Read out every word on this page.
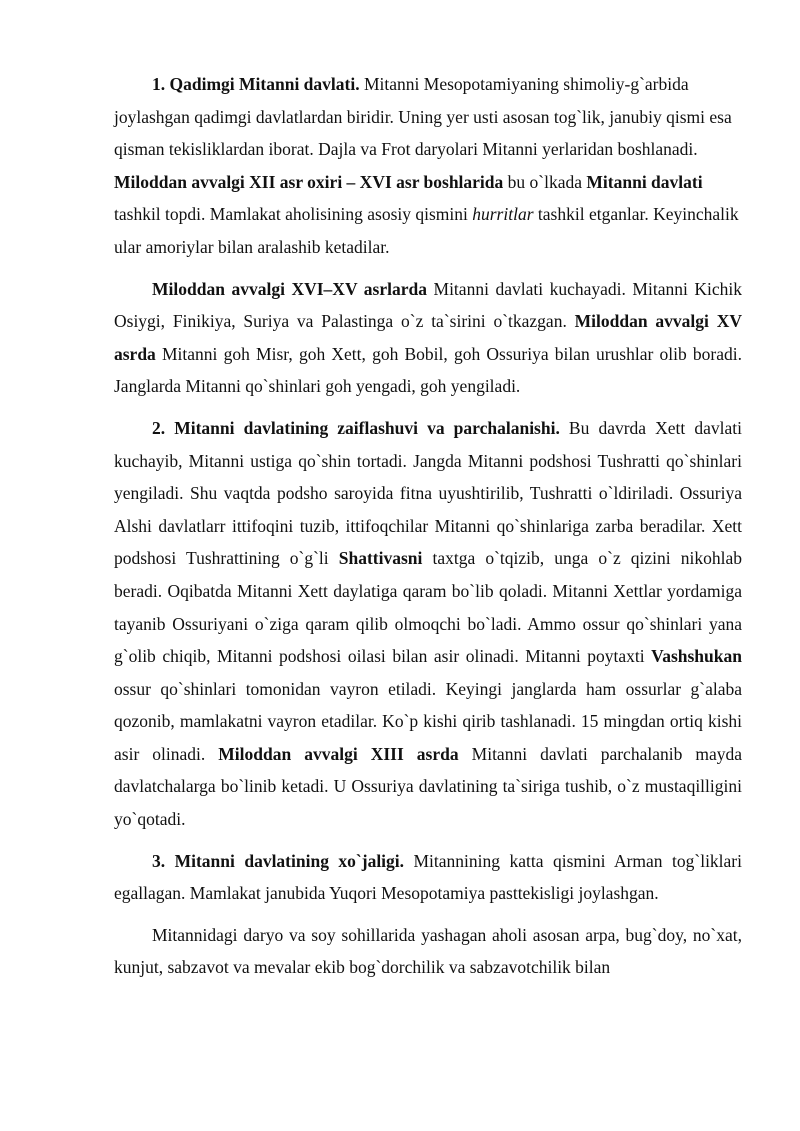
1. Qadimgi Mitanni davlati. Mitanni Mesopotamiyaning shimoliy-g`arbida joylashgan qadimgi davlatlardan biridir. Uning yer usti asosan tog`lik, janubiy qismi esa qisman tekisliklardan iborat. Dajla va Frot daryolari Mitanni yerlaridan boshlanadi. Miloddan avvalgi XII asr oxiri – XVI asr boshlarida bu o`lkada Mitanni davlati tashkil topdi. Mamlakat aholisining asosiy qismini hurritlar tashkil etganlar. Keyinchalik ular amoriylar bilan aralashib ketadilar.

Miloddan avvalgi XVI–XV asrlarda Mitanni davlati kuchayadi. Mitanni Kichik Osiygi, Finikiya, Suriya va Palastinga o`z ta`sirini o`tkazgan. Miloddan avvalgi XV asrda Mitanni goh Misr, goh Xett, goh Bobil, goh Ossuriya bilan urushlar olib boradi. Janglarda Mitanni qo`shinlari goh yengadi, goh yengiladi.

2. Mitanni davlatining zaiflashuvi va parchalanishi. Bu davrda Xett davlati kuchayib, Mitanni ustiga qo`shin tortadi. Jangda Mitanni podshosi Tushratti qo`shinlari yengiladi. Shu vaqtda podsho saroyida fitna uyushtirilib, Tushratti o`ldiriladi. Ossuriya Alshi davlatlarr ittifoqini tuzib, ittifoqchilar Mitanni qo`shinlariga zarba beradilar. Xett podshosi Tushrattining o`g`li Shattivasni taxtga o`tqizib, unga o`z qizini nikohlab beradi. Oqibatda Mitanni Xett daylatiga qaram bo`lib qoladi. Mitanni Xettlar yordamiga tayanib Ossuriyani o`ziga qaram qilib olmoqchi bo`ladi. Ammo ossur qo`shinlari yana g`olib chiqib, Mitanni podshosi oilasi bilan asir olinadi. Mitanni poytaxti Vashshukan ossur qo`shinlari tomonidan vayron etiladi. Keyingi janglarda ham ossurlar g`alaba qozonib, mamlakatni vayron etadilar. Ko`p kishi qirib tashlanadi. 15 mingdan ortiq kishi asir olinadi. Miloddan avvalgi XIII asrda Mitanni davlati parchalanib mayda davlatchalarga bo`linib ketadi. U Ossuriya davlatining ta`siriga tushib, o`z mustaqilligini yo`qotadi.

3. Mitanni davlatining xo`jaligi. Mitannining katta qismini Arman tog`liklari egallagan. Mamlakat janubida Yuqori Mesopotamiya pasttekisligi joylashgan.

Mitannidagi daryo va soy sohillarida yashagan aholi asosan arpa, bug`doy, no`xat, kunjut, sabzavot va mevalar ekib bog`dorchilik va sabzavotchilik bilan
